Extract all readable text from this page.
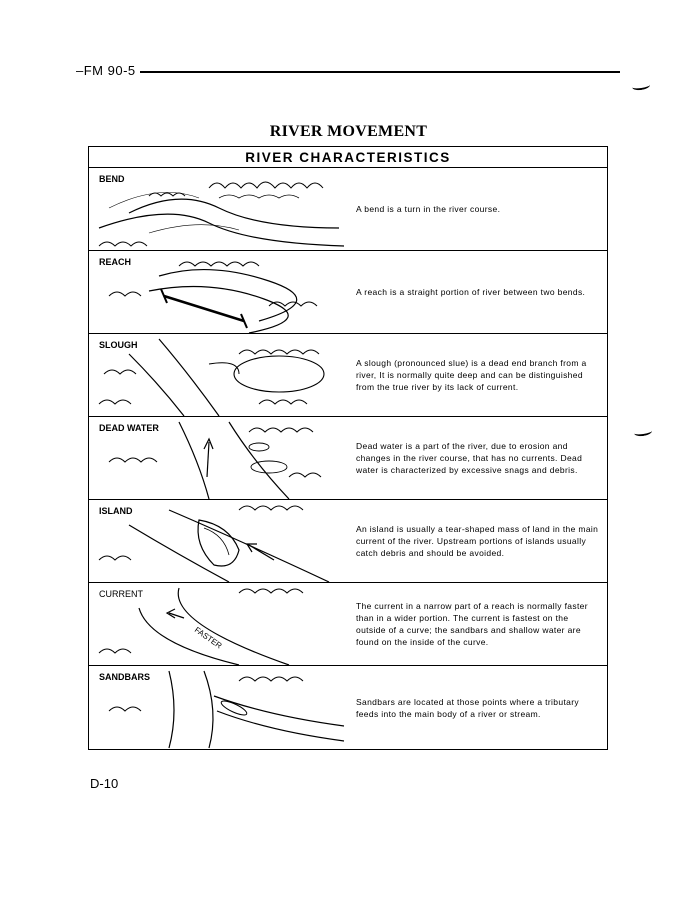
–FM 90-5
RIVER MOVEMENT
RIVER CHARACTERISTICS
BEND
A bend is a turn in the river course.
REACH
A reach is a straight portion of river between two bends.
SLOUGH
A slough (pronounced slue) is a dead end branch from a river, It is normally quite deep and can be distinguished from the true river by its lack of current.
DEAD WATER
Dead water is a part of the river, due to erosion and changes in the river course, that has no currents. Dead water is characterized by excessive snags and debris.
ISLAND
An island is usually a tear-shaped mass of land in the main current of the river. Upstream portions of islands usually catch debris and should be avoided.
FASTER
CURRENT
The current in a narrow part of a reach is normally faster than in a wider portion. The current is fastest on the outside of a curve; the sandbars and shallow water are found on the inside of the curve.
SANDBARS
Sandbars are located at those points where a tributary feeds into the main body of a river or stream.
D-10
